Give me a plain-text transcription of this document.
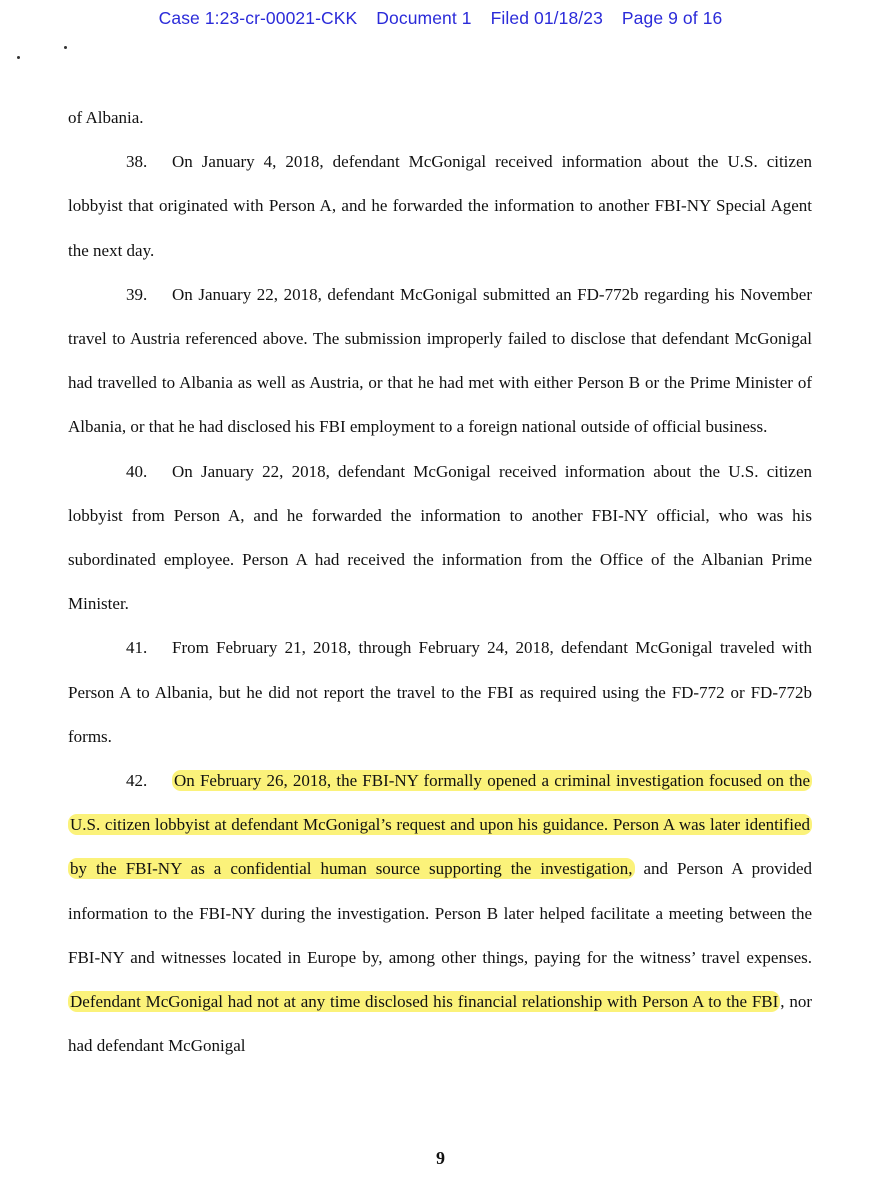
Case 1:23-cr-00021-CKK Document 1 Filed 01/18/23 Page 9 of 16

of Albania.

38. On January 4, 2018, defendant McGonigal received information about the U.S. citizen lobbyist that originated with Person A, and he forwarded the information to another FBI-NY Special Agent the next day.

39. On January 22, 2018, defendant McGonigal submitted an FD-772b regarding his November travel to Austria referenced above. The submission improperly failed to disclose that defendant McGonigal had travelled to Albania as well as Austria, or that he had met with either Person B or the Prime Minister of Albania, or that he had disclosed his FBI employment to a foreign national outside of official business.

40. On January 22, 2018, defendant McGonigal received information about the U.S. citizen lobbyist from Person A, and he forwarded the information to another FBI-NY official, who was his subordinated employee. Person A had received the information from the Office of the Albanian Prime Minister.

41. From February 21, 2018, through February 24, 2018, defendant McGonigal traveled with Person A to Albania, but he did not report the travel to the FBI as required using the FD-772 or FD-772b forms.

42. On February 26, 2018, the FBI-NY formally opened a criminal investigation focused on the U.S. citizen lobbyist at defendant McGonigal’s request and upon his guidance. Person A was later identified by the FBI-NY as a confidential human source supporting the investigation, and Person A provided information to the FBI-NY during the investigation. Person B later helped facilitate a meeting between the FBI-NY and witnesses located in Europe by, among other things, paying for the witness’ travel expenses. Defendant McGonigal had not at any time disclosed his financial relationship with Person A to the FBI , nor had defendant McGonigal

9
